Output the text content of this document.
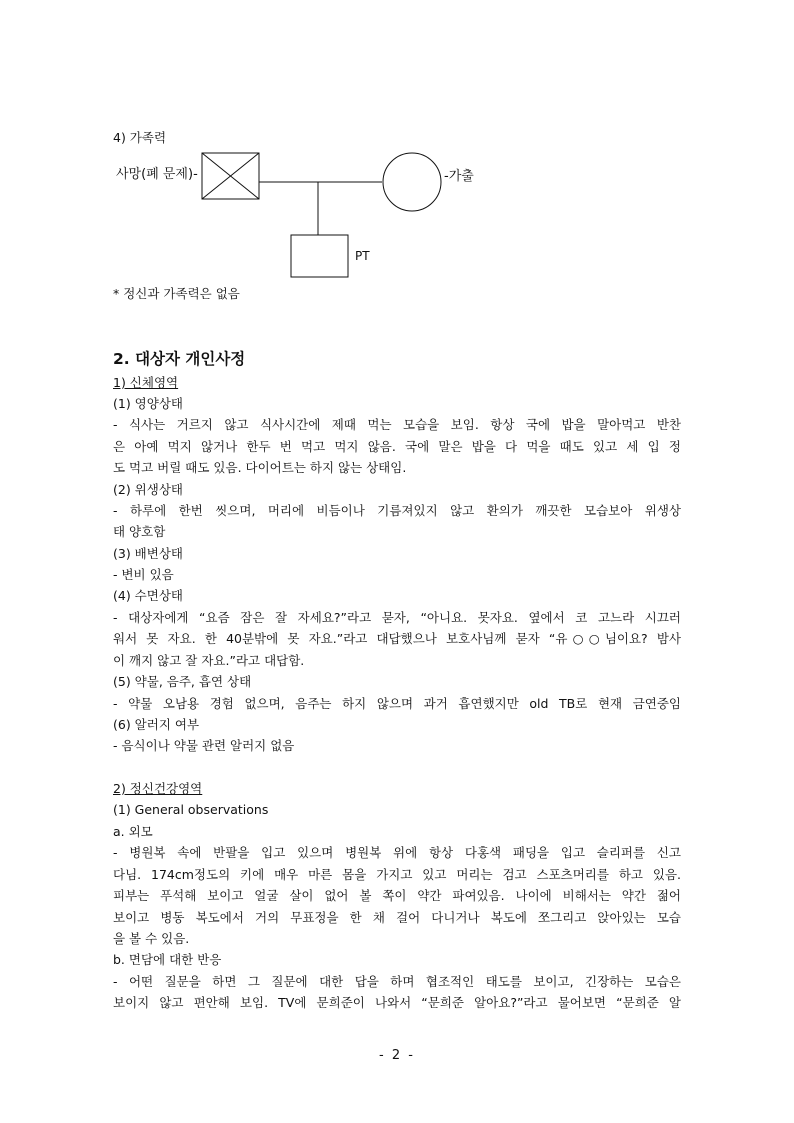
4) 가족력
사망(폐 문제)-	-가출
PT
* 정신과 가족력은 없음
2. 대상자 개인사정
1) 신체영역
(1) 영양상태
- 식사는 거르지 않고 식사시간에 제때 먹는 모습을 보임. 항상 국에 밥을 말아먹고 반찬
은 아예 먹지 않거나 한두 번 먹고 먹지 않음. 국에 말은 밥을 다 먹을 때도 있고 세 입 정
도 먹고 버릴 때도 있음. 다이어트는 하지 않는 상태임.
(2) 위생상태
- 하루에 한번 씻으며, 머리에 비듬이나 기름져있지 않고 환의가 깨끗한 모습보아 위생상
태 양호함
(3) 배변상태
- 변비 있음
(4) 수면상태
- 대상자에게 “요즘 잠은 잘 자세요?”라고 묻자, “아니요. 못자요. 옆에서 코 고느라 시끄러
워서 못 자요. 한 40분밖에 못 자요.”라고 대답했으나 보호사님께 묻자 “유○○님이요? 밤사
이 깨지 않고 잘 자요.”라고 대답함.
(5) 약물, 음주, 흡연 상태
- 약물 오남용 경험 없으며, 음주는 하지 않으며 과거 흡연했지만 old TB로 현재 금연중임
(6) 알러지 여부
- 음식이나 약물 관련 알러지 없음
2) 정신건강영역
(1) General observations
a. 외모
- 병원복 속에 반팔을 입고 있으며 병원복 위에 항상 다홍색 패딩을 입고 슬리퍼를 신고
다님. 174cm정도의 키에 매우 마른 몸을 가지고 있고 머리는 검고 스포츠머리를 하고 있음.
피부는 푸석해 보이고 얼굴 살이 없어 볼 쪽이 약간 파여있음. 나이에 비해서는 약간 젊어
보이고 병동 복도에서 거의 무표정을 한 채 걸어 다니거나 복도에 쪼그리고 앉아있는 모습
을 볼 수 있음.
b. 면담에 대한 반응
- 어떤 질문을 하면 그 질문에 대한 답을 하며 협조적인 태도를 보이고, 긴장하는 모습은
보이지 않고 편안해 보임. TV에 문희준이 나와서 “문희준 알아요?”라고 물어보면 “문희준 알
- 2 -
